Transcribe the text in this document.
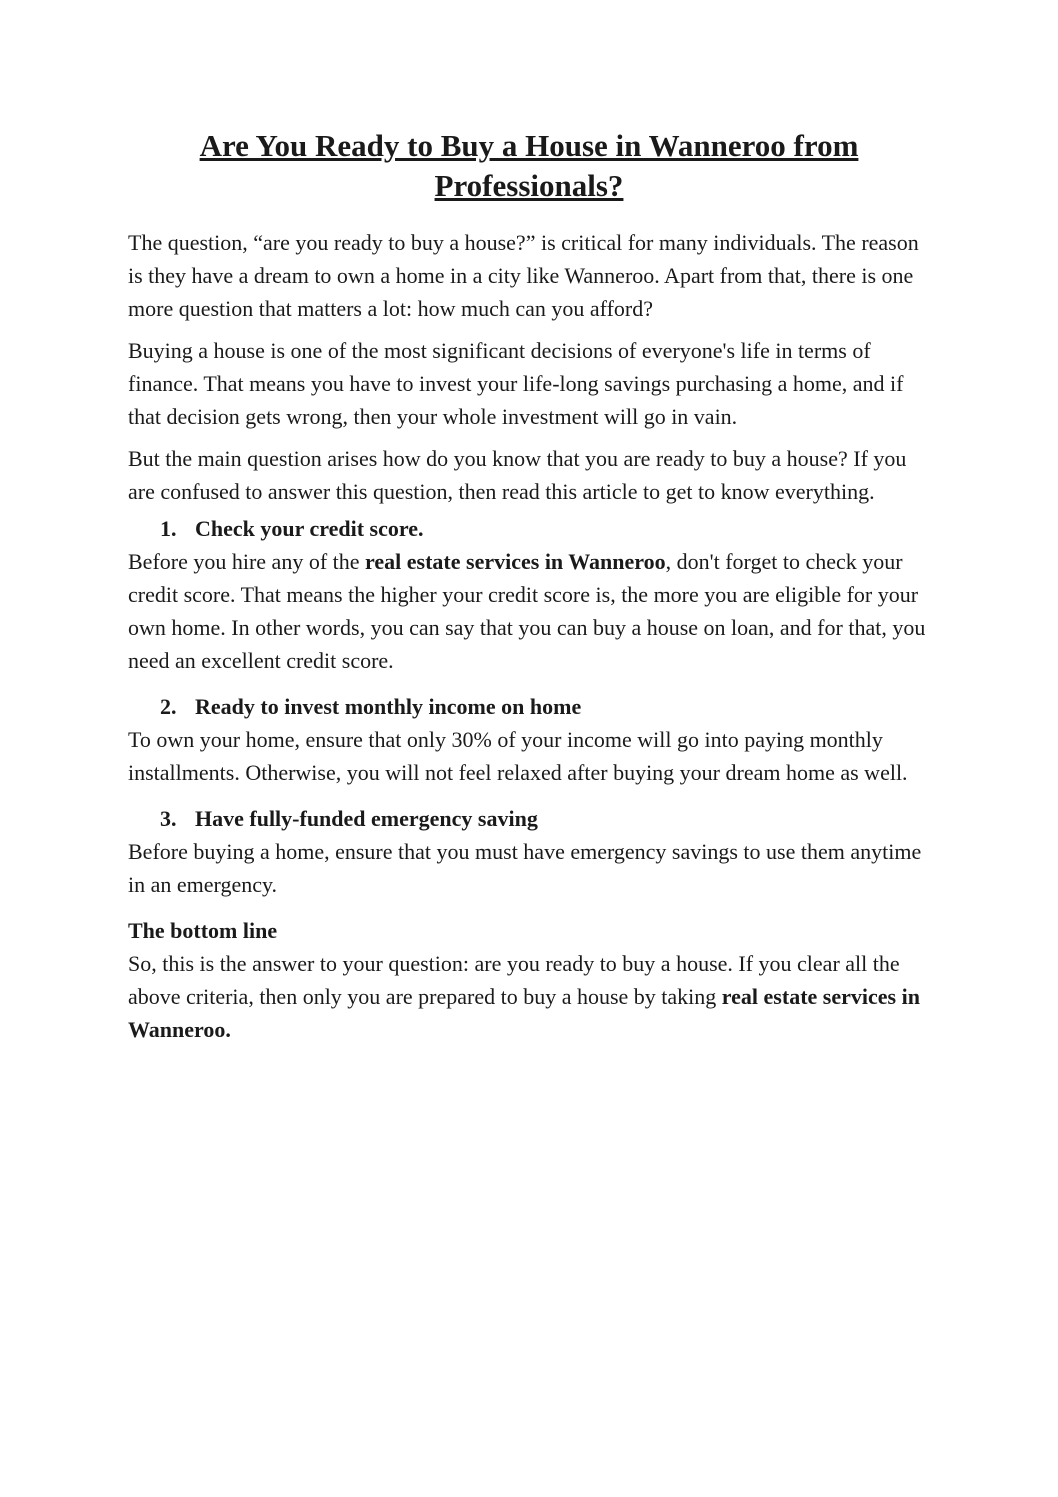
Are You Ready to Buy a House in Wanneroo from Professionals?

The question, “are you ready to buy a house?” is critical for many individuals. The reason is they have a dream to own a home in a city like Wanneroo. Apart from that, there is one more question that matters a lot: how much can you afford?

Buying a house is one of the most significant decisions of everyone's life in terms of finance. That means you have to invest your life-long savings purchasing a home, and if that decision gets wrong, then your whole investment will go in vain.

But the main question arises how do you know that you are ready to buy a house? If you are confused to answer this question, then read this article to get to know everything.

1. Check your credit score.

Before you hire any of the real estate services in Wanneroo, don't forget to check your credit score. That means the higher your credit score is, the more you are eligible for your own home. In other words, you can say that you can buy a house on loan, and for that, you need an excellent credit score.

2. Ready to invest monthly income on home

To own your home, ensure that only 30% of your income will go into paying monthly installments. Otherwise, you will not feel relaxed after buying your dream home as well.

3. Have fully-funded emergency saving

Before buying a home, ensure that you must have emergency savings to use them anytime in an emergency.

The bottom line

So, this is the answer to your question: are you ready to buy a house. If you clear all the above criteria, then only you are prepared to buy a house by taking real estate services in Wanneroo.
